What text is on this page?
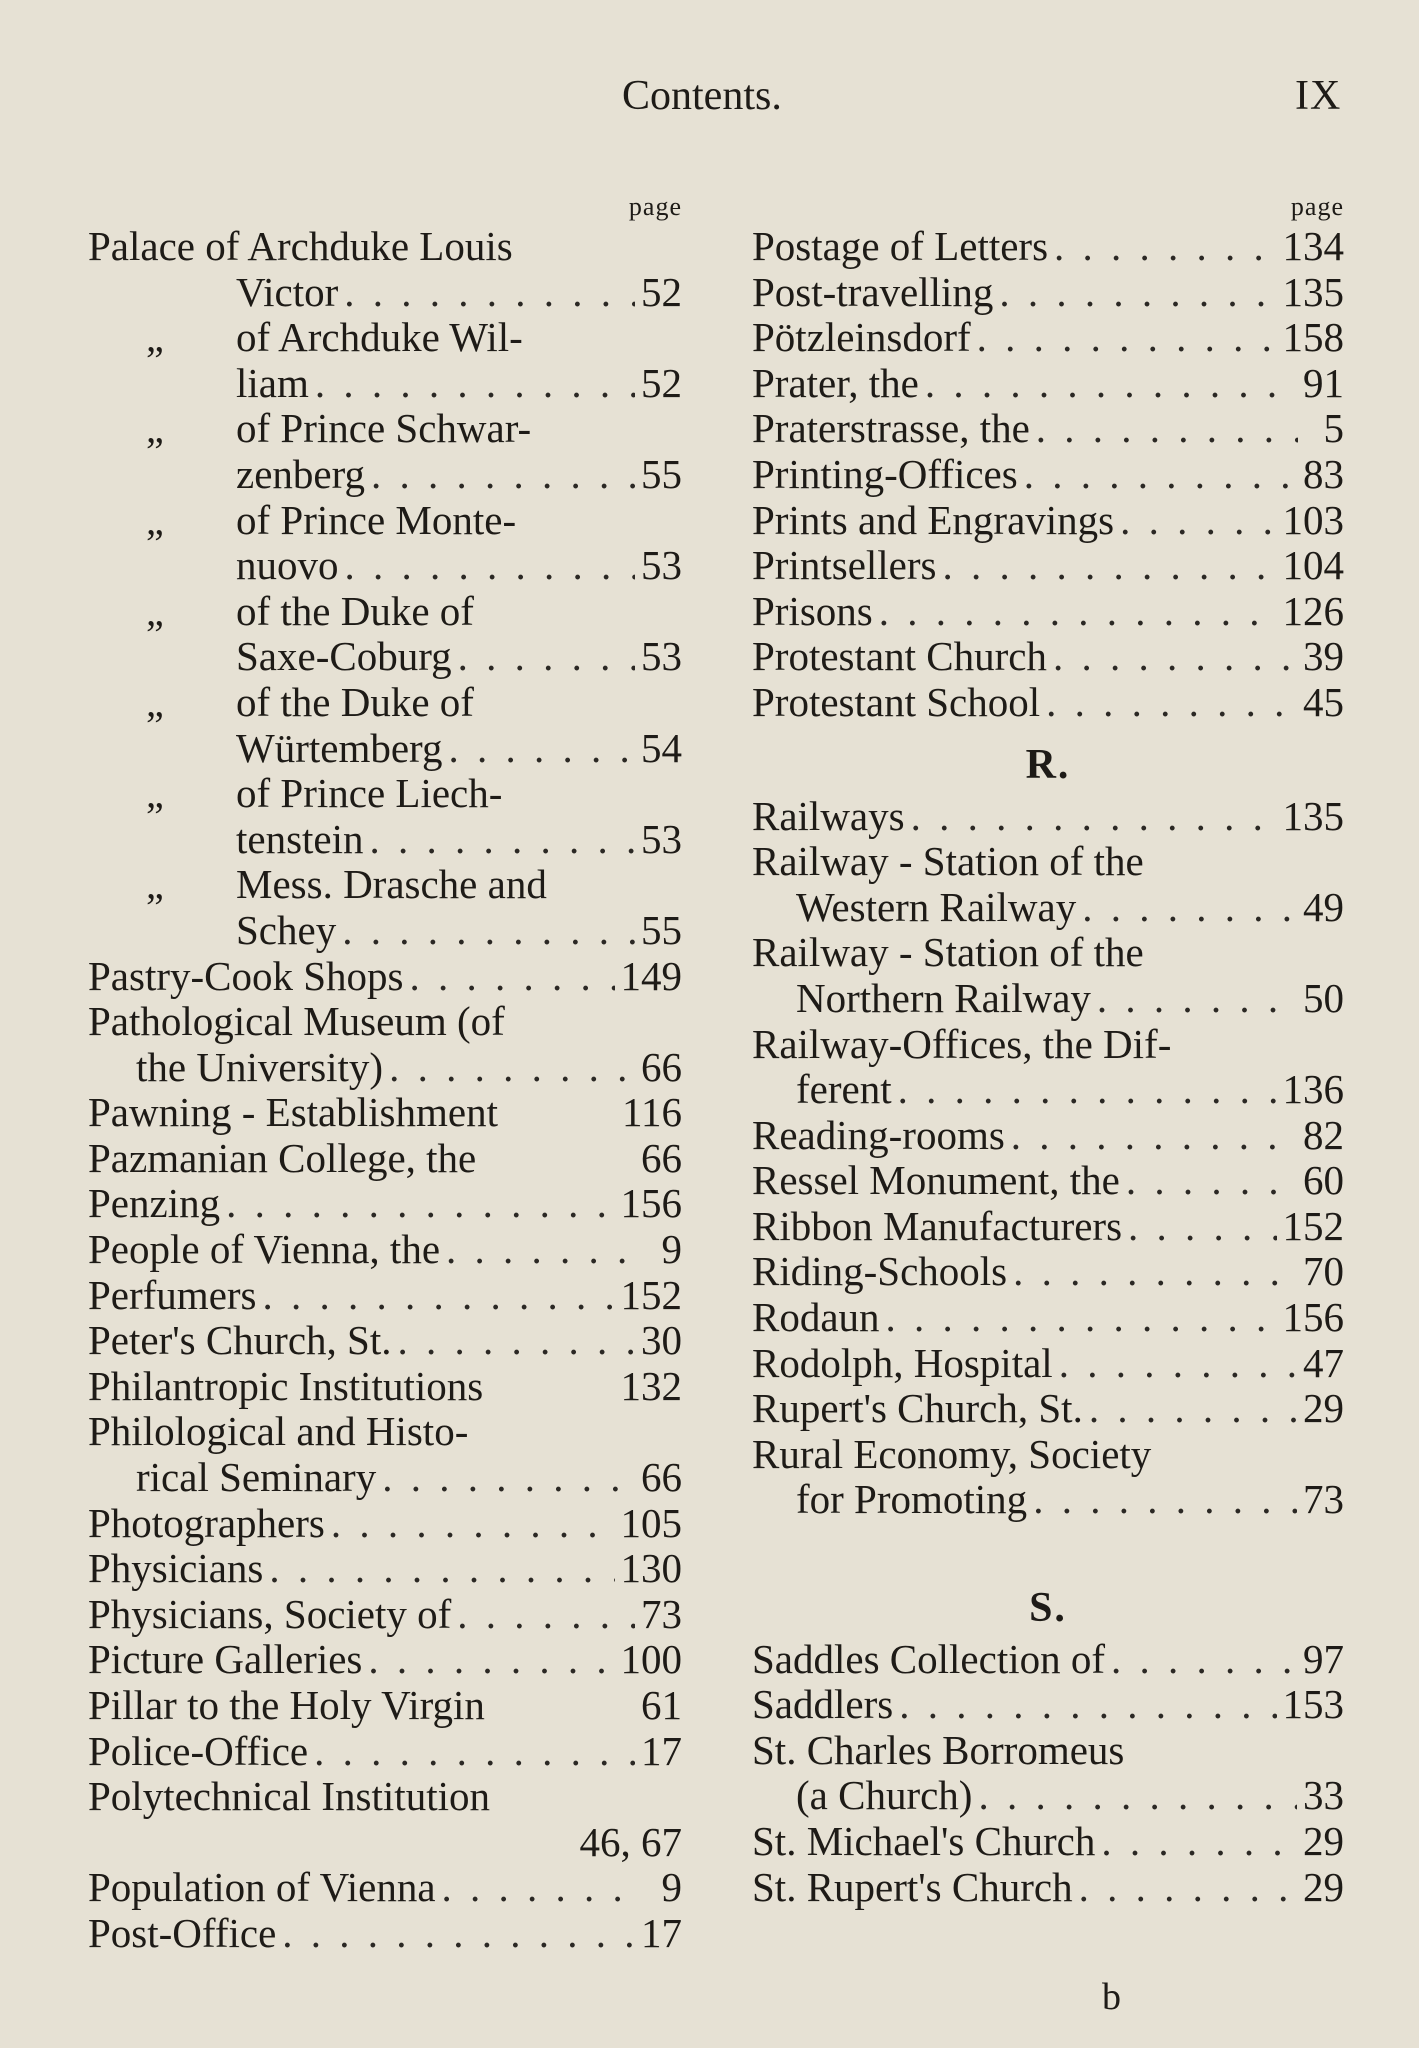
Contents.	IX
page
Palace of Archduke Louis
Victor . . .	52
„	of Archduke Wil-
liam . . .	52
„	of Prince Schwar-
zenberg . . .	55
„	of Prince Monte-
nuovo . . .	53
„	of the Duke of
Saxe-Coburg . . .	53
„	of the Duke of
Würtemberg . . .	54
„	of Prince Liech-
tenstein . . .	53
„	Mess. Drasche and
Schey . . .	55
Pastry-Cook Shops . . .	149
Pathological Museum (of
the University) . . .	66
Pawning - Establishment	116
Pazmanian College, the	66
Penzing . . .	156
People of Vienna, the . . .	9
Perfumers . . .	152
Peter's Church, St. . . .	30
Philantropic Institutions	132
Philological and Histo-
rical Seminary . . .	66
Photographers . . .	105
Physicians . . .	130
Physicians, Society of . . .	73
Picture Galleries . . .	100
Pillar to the Holy Virgin	61
Police-Office . . .	17
Polytechnical Institution
46, 67
Population of Vienna . . .	9
Post-Office . . .	17
page
Postage of Letters . . .	134
Post-travelling . . .	135
Pötzleinsdorf . . .	158
Prater, the . . .	91
Praterstrasse, the . . .	5
Printing-Offices . . .	83
Prints and Engravings . . .	103
Printsellers . . .	104
Prisons . . .	126
Protestant Church . . .	39
Protestant School . . .	45
R.
Railways . . .	135
Railway - Station of the
Western Railway . . .	49
Railway - Station of the
Northern Railway . . .	50
Railway-Offices, the Dif-
ferent . . .	136
Reading-rooms . . .	82
Ressel Monument, the . . .	60
Ribbon Manufacturers . . .	152
Riding-Schools . . .	70
Rodaun . . .	156
Rodolph, Hospital . . .	47
Rupert's Church, St. . . .	29
Rural Economy, Society
for Promoting . . .	73
S.
Saddles Collection of . . .	97
Saddlers . . .	153
St. Charles Borromeus
(a Church) . . .	33
St. Michael's Church . . .	29
St. Rupert's Church . . .	29
b
